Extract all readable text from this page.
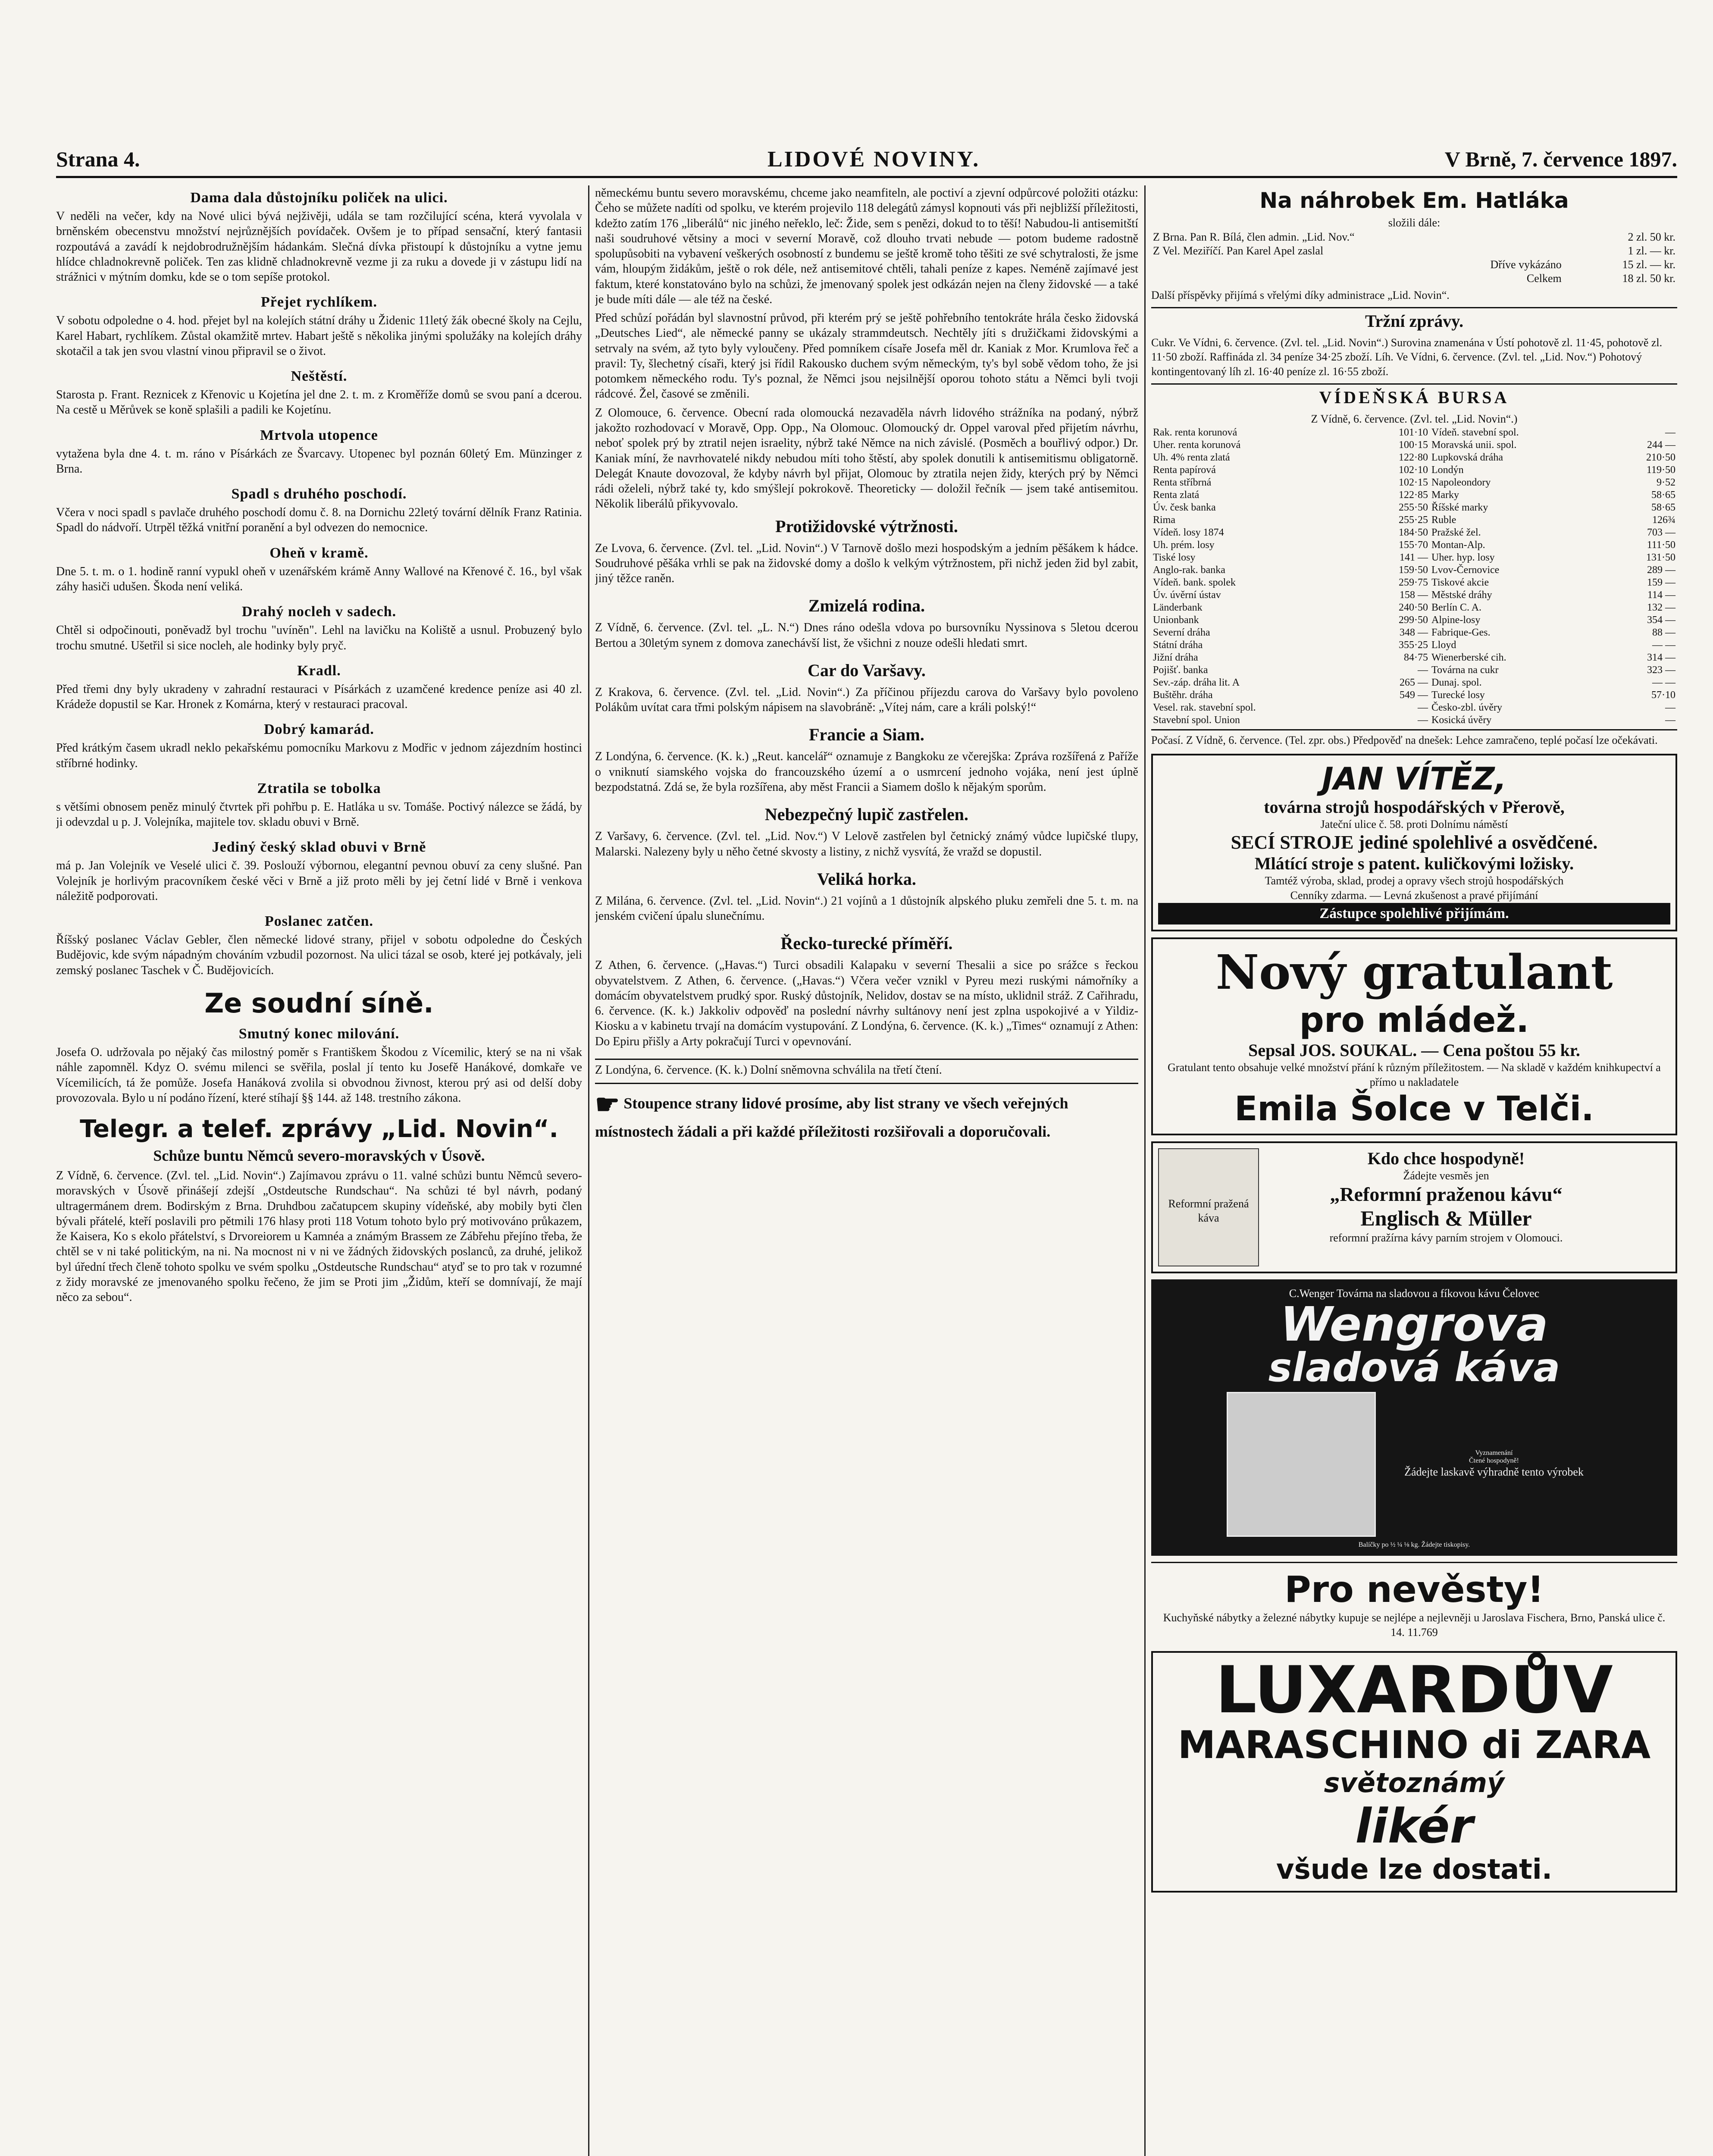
Strana 4.	LIDOVÉ NOVINY.	V Brně, 7. července 1897.
Dama dala důstojníku poliček na ulici.
V neděli na večer, kdy na Nové ulici bývá nejživěji, udála se tam rozčilující scéna, která vyvolala v brněnském obecenstvu množství nejrůznějších povídaček. Ovšem je to případ sensační, který fantasii rozpoutává a zavádí k nejdobrodružnějším hádankám. Slečná dívka přistoupí k důstojníku a vytne jemu hlídce chladnokrevně poliček. Ten zas klidně chladnokrevně vezme ji za ruku a dovede ji v zástupu lidí na strážnici v mýtním domku, kde se o tom sepíše protokol.
Přejet rychlíkem.
V sobotu odpoledne o 4. hod. přejet byl na kolejích státní dráhy u Židenic 11letý žák obecné školy na Cejlu, Karel Habart, rychlíkem. Zůstal okamžitě mrtev. Habart ještě s několika jinými spolužáky na kolejích dráhy skotačil a tak jen svou vlastní vinou připravil se o život.
Neštěstí.
Starosta p. Frant. Reznicek z Křenovic u Kojetína jel dne 2. t. m. z Kroměříže domů se svou paní a dcerou. Na cestě u Měrůvek se koně splašili a padili ke Kojetínu.
Mrtvola utopence
vytažena byla dne 4. t. m. ráno v Písárkách ze Švarcavy. Utopenec byl poznán 60letý Em. Münzinger z Brna.
Spadl s druhého poschodí.
Včera v noci spadl s pavlače druhého poschodí domu č. 8. na Dornichu 22letý tovární dělník Franz Ratinia. Spadl do nádvoří. Utrpěl těžká vnitřní poranění a byl odvezen do nemocnice.
Oheň v kramě.
Dne 5. t. m. o 1. hodině ranní vypukl oheň v uzenářském krámě Anny Wallové na Křenové č. 16., byl však záhy hasiči udušen. Škoda není veliká.
Drahý nocleh v sadech.
Chtěl si odpočinouti, poněvadž byl trochu "uvíněn". Lehl na lavičku na Koliště a usnul. Probuzený bylo trochu smutné. Ušetřil si sice nocleh, ale hodinky byly pryč.
Kradl.
Před třemi dny byly ukradeny v zahradní restauraci v Písárkách z uzamčené kredence peníze asi 40 zl. Krádeže dopustil se Kar. Hronek z Komárna, který v restauraci pracoval.
Dobrý kamarád.
Před krátkým časem ukradl neklo pekařskému pomocníku Markovu z Modřic v jednom zájezdním hostinci stříbrné hodinky.
Ztratila se tobolka
s většími obnosem peněz minulý čtvrtek při pohřbu p. E. Hatláka u sv. Tomáše. Poctivý nálezce se žádá, by ji odevzdal u p. J. Volejníka, majitele tov. skladu obuvi v Brně.
Jediný český sklad obuvi v Brně
má p. Jan Volejník ve Veselé ulici č. 39. Poslouží výbornou, elegantní pevnou obuví za ceny slušné. Pan Volejník je horlivým pracovníkem české věci v Brně a již proto měli by jej četní lidé v Brně i venkova náležitě podporovati.
Poslanec zatčen.
Říšský poslanec Václav Gebler, člen německé lidové strany, přijel v sobotu odpoledne do Českých Budějovic, kde svým nápadným chováním vzbudil pozornost. Na ulici tázal se osob, které jej potkávaly, jeli zemský poslanec Taschek v Č. Budějovicích.
Ze soudní síně.
Smutný konec milování.
Josefa O. udržovala po nějaký čas milostný poměr s Františkem Škodou z Vícemilic, který se na ni však náhle zapomněl. Kdyz O. svému milenci se svěřila, poslal jí tento ku Josefě Hanákové, domkaře ve Vícemilicích, tá že pomůže. Josefa Hanáková zvolila si obvodnou živnost, kterou prý asi od delší doby provozovala. Bylo u ní podáno řízení, které stíhají §§ 144. až 148. trestního zákona.
Telegr. a telef. zprávy „Lid. Novin“.
Schůze buntu Němců severo-moravských v Úsově.
Z Vídně, 6. července. (Zvl. tel. „Lid. Novin“.) Zajímavou zprávu o 11. valné schůzi buntu Němců severo-moravských v Úsově přinášejí zdejší „Ostdeutsche Rundschau“. Na schůzi té byl návrh, podaný ultragermánem drem. Bodirským z Brna. Druhdbou začatupcem skupiny vídeňské, aby mobily byti člen bývali přátelé, kteří poslavili pro pětmili 176 hlasy proti 118 Votum tohoto bylo prý motivováno průkazem, že Kaisera, Ko s ekolo přátelství, s Drvoreiorem u Kamnéa a známým Brassem ze Zábřehu přejíno třeba, že chtěl se v ni také politickým, na ni. Na mocnost ni v ni ve žádných židovských poslanců, za druhé, jelikož byl úřední třech členě tohoto spolku ve svém spolku „Ostdeutsche Rundschau“ atyď se to pro tak v rozumné z židy moravské ze jmenovaného spolku řečeno, že jim se Proti jim „Židům, kteří se domnívají, že mají něco za sebou“.
německému buntu severo moravskému, chceme jako neamfiteln, ale poctiví a zjevní odpůrcové položiti otázku: Čeho se můžete nadíti od spolku, ve kterém projevilo 118 delegátů zámysl kopnouti vás při nejbližší příležitosti, kdežto zatím 176 „liberálů“ nic jiného neřeklo, leč: Žide, sem s penězi, dokud to to těší! Nabudou-li antisemitští naši soudruhové větsiny a moci v severní Moravě, což dlouho trvati nebude — potom budeme radostně spolupůsobiti na vybavení veškerých osobností z bundemu se ještě kromě toho těšiti ze své schytralosti, že jsme vám, hloupým židákům, ještě o rok déle, než antisemitové chtěli, tahali peníze z kapes. Neméně zajímavé jest faktum, které konstatováno bylo na schůzi, že jmenovaný spolek jest odkázán nejen na členy židovské — a také je bude míti dále — ale též na české.
Před schůzí pořádán byl slavnostní průvod, při kterém prý se ještě pohřebního tentokráte hrála česko židovská „Deutsches Lied“, ale německé panny se ukázaly strammdeutsch. Nechtěly jíti s družičkami židovskými a setrvaly na svém, až tyto byly vyloučeny. Před pomníkem císaře Josefa měl dr. Kaniak z Mor. Krumlova řeč a pravil: Ty, šlechetný císaři, který jsi řídil Rakousko duchem svým německým, ty's byl sobě vědom toho, že jsi potomkem německého rodu. Ty's poznal, že Němci jsou nejsilnější oporou tohoto státu a Němci byli tvoji rádcové. Žel, časové se změnili.
Z Olomouce, 6. července. Obecní rada olomoucká nezavaděla návrh lidového strážníka na podaný, nýbrž jakožto rozhodovací v Moravě, Opp. Opp., Na Olomouc. Olomoucký dr. Oppel varoval před přijetím návrhu, neboť spolek prý by ztratil nejen israelity, nýbrž také Němce na nich závislé. (Posměch a bouřlivý odpor.) Dr. Kaniak míní, že navrhovatelé nikdy nebudou míti toho štěstí, aby spolek donutili k antisemitismu obligatorně. Delegát Knaute dovozoval, že kdyby návrh byl přijat, Olomouc by ztratila nejen židy, kterých prý by Němci rádi oželeli, nýbrž také ty, kdo smýšlejí pokrokově. Theoreticky — doložil řečník — jsem také antisemitou. Několik liberálů přikyvovalo.
Protižidovské výtržnosti.
Ze Lvova, 6. července. (Zvl. tel. „Lid. Novin“.) V Tarnově došlo mezi hospodským a jedním pěšákem k hádce. Soudruhové pěšáka vrhli se pak na židovské domy a došlo k velkým výtržnostem, při nichž jeden žid byl zabit, jiný těžce raněn.
Zmizelá rodina.
Z Vídně, 6. července. (Zvl. tel. „L. N.“) Dnes ráno odešla vdova po bursovníku Nyssinova s 5letou dcerou Bertou a 30letým synem z domova zanechávší list, že všichni z nouze odešli hledati smrt.
Car do Varšavy.
Z Krakova, 6. července. (Zvl. tel. „Lid. Novin“.) Za příčinou příjezdu carova do Varšavy bylo povoleno Polákům uvítat cara třmi polským nápisem na slavobráně: „Vítej nám, care a králi polský!“
Francie a Siam.
Z Londýna, 6. července. (K. k.) „Reut. kancelář“ oznamuje z Bangkoku ze včerejška: Zpráva rozšířená z Paříže o vniknutí siamského vojska do francouzského území a o usmrcení jednoho vojáka, není jest úplně bezpodstatná. Zdá se, že byla rozšířena, aby měst Francii a Siamem došlo k nějakým sporům.
Nebezpečný lupič zastřelen.
Z Varšavy, 6. července. (Zvl. tel. „Lid. Nov.“) V Lelově zastřelen byl četnický známý vůdce lupičské tlupy, Malarski. Nalezeny byly u něho četné skvosty a listiny, z nichž vysvítá, že vražd se dopustil.
Veliká horka.
Z Milána, 6. července. (Zvl. tel. „Lid. Novin“.) 21 vojínů a 1 důstojník alpského pluku zemřeli dne 5. t. m. na jenském cvičení úpalu slunečnímu.
Řecko-turecké příměří.
Z Athen, 6. července. („Havas.“) Turci obsadili Kalapaku v severní Thesalii a sice po srážce s řeckou obyvatelstvem. Z Athen, 6. července. („Havas.“) Včera večer vznikl v Pyreu mezi ruskými námořníky a domácím obyvatelstvem prudký spor. Ruský důstojník, Nelidov, dostav se na místo, uklidnil stráž. Z Cařihradu, 6. července. (K. k.) Jakkoliv odpověď na poslední návrhy sultánovy není jest zplna uspokojivé a v Yildiz-Kiosku a v kabinetu trvají na domácím vystupování. Z Londýna, 6. července. (K. k.) „Times“ oznamují z Athen: Do Epiru přišly a Arty pokračují Turci v opevnování.
Z Londýna, 6. července. (K. k.) Dolní sněmovna schválila na třetí čtení.
☛ Stoupence strany lidové prosíme, aby list strany ve všech veřejných místnostech žádali a při každé příležitosti rozšiřovali a doporučovali.
Na náhrobek Em. Hatláka
složili dále:
Z Brna. Pan R. Bílá, člen admin. „Lid. Nov.“	2 zl. 50 kr.
Z Vel. Meziříčí. Pan Karel Apel zaslal	1 zl. — kr.
Dříve vykázáno	15 zl. — kr.
Celkem	18 zl. 50 kr.
Další příspěvky přijímá s vřelými díky administrace „Lid. Novin“.
Tržní zprávy.
Cukr. Ve Vídni, 6. července. (Zvl. tel. „Lid. Novin“.) Surovina znamenána v Ústí pohotově zl. 11·45, pohotově zl. 11·50 zboží. Raffináda zl. 34 peníze 34·25 zboží. Líh. Ve Vídni, 6. července. (Zvl. tel. „Lid. Nov.“) Pohotový kontingentovaný líh zl. 16·40 peníze zl. 16·55 zboží.
VÍDEŇSKÁ BURSA
Z Vídně, 6. července. (Zvl. tel. „Lid. Novin“.)
Rak. renta korunová	101·10	Vídeň. stavební spol.	—
Uher. renta korunová	100·15	Moravská unii. spol.	244 —
Uh. 4% renta zlatá	122·80	Lupkovská dráha	210·50
Renta papírová	102·10	Londýn	119·50
Renta stříbrná	102·15	Napoleondory	9·52
Renta zlatá	122·85	Marky	58·65
Úv. česk banka	255·50	Říšské marky	58·65
Rima	255·25	Ruble	126¾
Vídeň. losy 1874	184·50	Pražské žel.	703 —
Uh. prém. losy	155·70	Montan-Alp.	111·50
Tiské losy	141 —	Uher. hyp. losy	131·50
Anglo-rak. banka	159·50	Lvov-Černovice	289 —
Vídeň. bank. spolek	259·75	Tiskové akcie	159 —
Úv. úvěrní ústav	158 —	Městské dráhy	114 —
Länderbank	240·50	Berlín C. A.	132 —
Unionbank	299·50	Alpine-losy	354 —
Severní dráha	348 —	Fabrique-Ges.	88 —
Státní dráha	355·25	Lloyd	— —
Jižní dráha	84·75	Wienerberské cih.	314 —
Pojišť. banka	—	Továrna na cukr	323 —
Sev.-záp. dráha lit. A	265 —	Dunaj. spol.	— —
Buštěhr. dráha	549 —	Turecké losy	57·10
Vesel. rak. stavební spol.	—	Česko-zbl. úvěry	—
Stavební spol. Union	—	Kosická úvěry	—
Počasí. Z Vídně, 6. července. (Tel. zpr. obs.) Předpověď na dnešek: Lehce zamračeno, teplé počasí lze očekávati.
JAN VÍTĚZ,
továrna strojů hospodářských v Přerově,
Jateční ulice č. 58. proti Dolnímu náměstí
SECÍ STROJE jediné spolehlivé a osvědčené.
Mlátící stroje s patent. kuličkovými ložisky.
Tamtéž výroba, sklad, prodej a opravy všech strojů hospodářských
Cenníky zdarma. — Levná zkušenost a pravé přijímání
Zástupce spolehlivé přijímám.
Nový gratulant
pro mládež.
Sepsal JOS. SOUKAL. — Cena poštou 55 kr.
Gratulant tento obsahuje velké množství přání k různým příležitostem. — Na skladě v každém knihkupectví a přímo u nakladatele
Emila Šolce v Telči.
Reformní pražená káva

Kdo chce hospodyně!
Žádejte vesměs jen
„Reformní praženou kávu“
Englisch & Müller
reformní pražírna kávy parním strojem v Olomouci.
C.Wenger Továrna na sladovou a fíkovou kávu Čelovec
Wengrova
sladová káva

Vyznamenání
Čtené hospodyně!
Žádejte laskavě výhradně tento výrobek
Balíčky po ½ ¼ ⅛ kg. Žádejte tiskopisy.
Pro nevěsty!
Kuchyňské nábytky a železné nábytky kupuje se nejlépe a nejlevněji u Jaroslava Fischera, Brno, Panská ulice č. 14. 11.769
LUXARDŮV
MARASCHINO di ZARA
světoznámý
likér
všude lze dostati.
